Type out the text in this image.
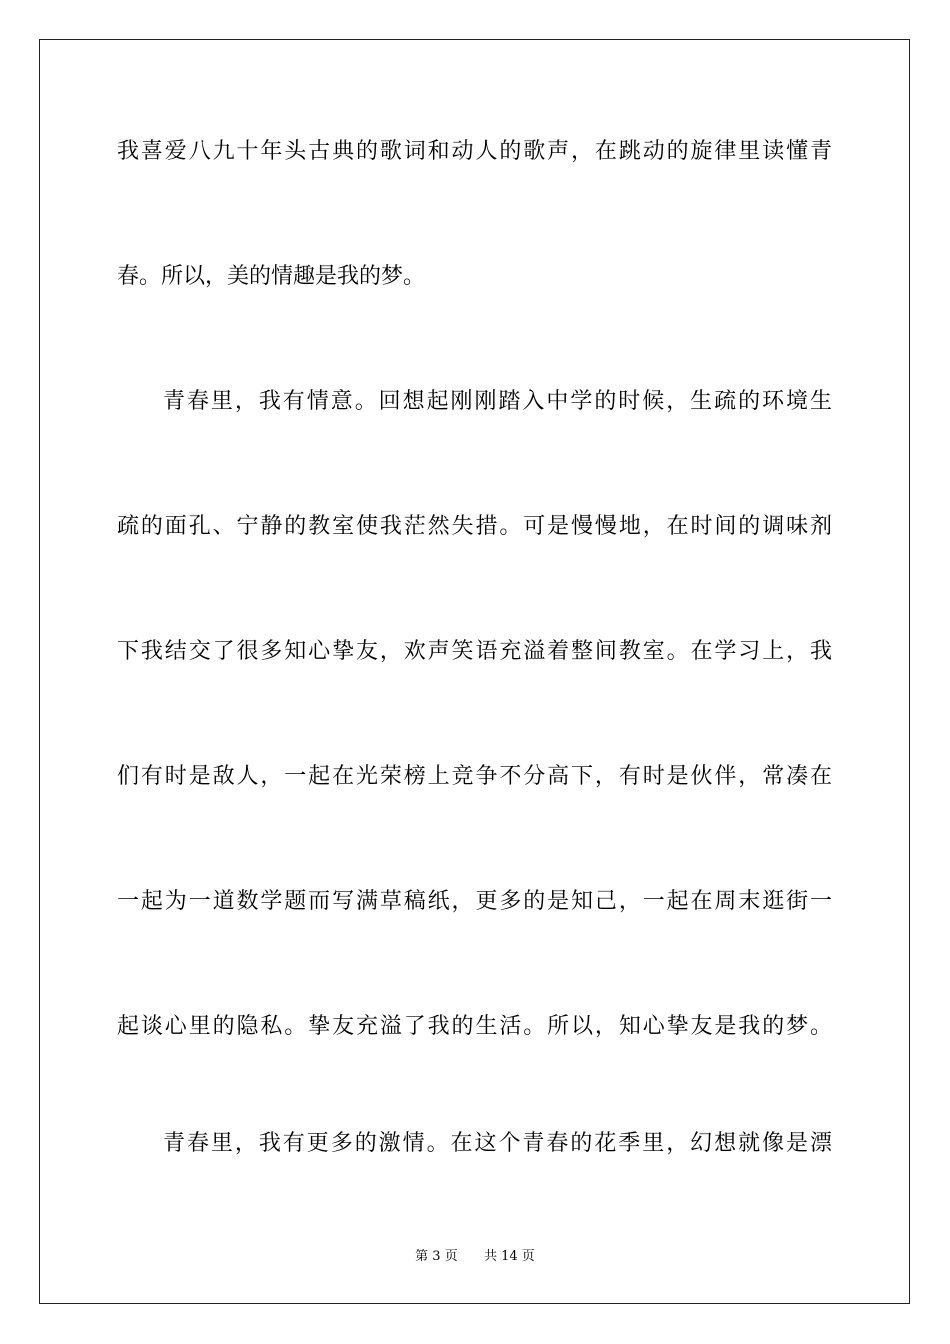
我喜爱八九十年头古典的歌词和动人的歌声，在跳动的旋律里读懂青
春。所以，美的情趣是我的梦。
青春里，我有情意。回想起刚刚踏入中学的时候，生疏的环境生
疏的面孔、宁静的教室使我茫然失措。可是慢慢地，在时间的调味剂
下我结交了很多知心挚友，欢声笑语充溢着整间教室。在学习上，我
们有时是敌人，一起在光荣榜上竞争不分高下，有时是伙伴，常凑在
一起为一道数学题而写满草稿纸，更多的是知己，一起在周末逛街一
起谈心里的隐私。挚友充溢了我的生活。所以，知心挚友是我的梦。
青春里，我有更多的激情。在这个青春的花季里，幻想就像是漂
第 3 页 共 14 页
